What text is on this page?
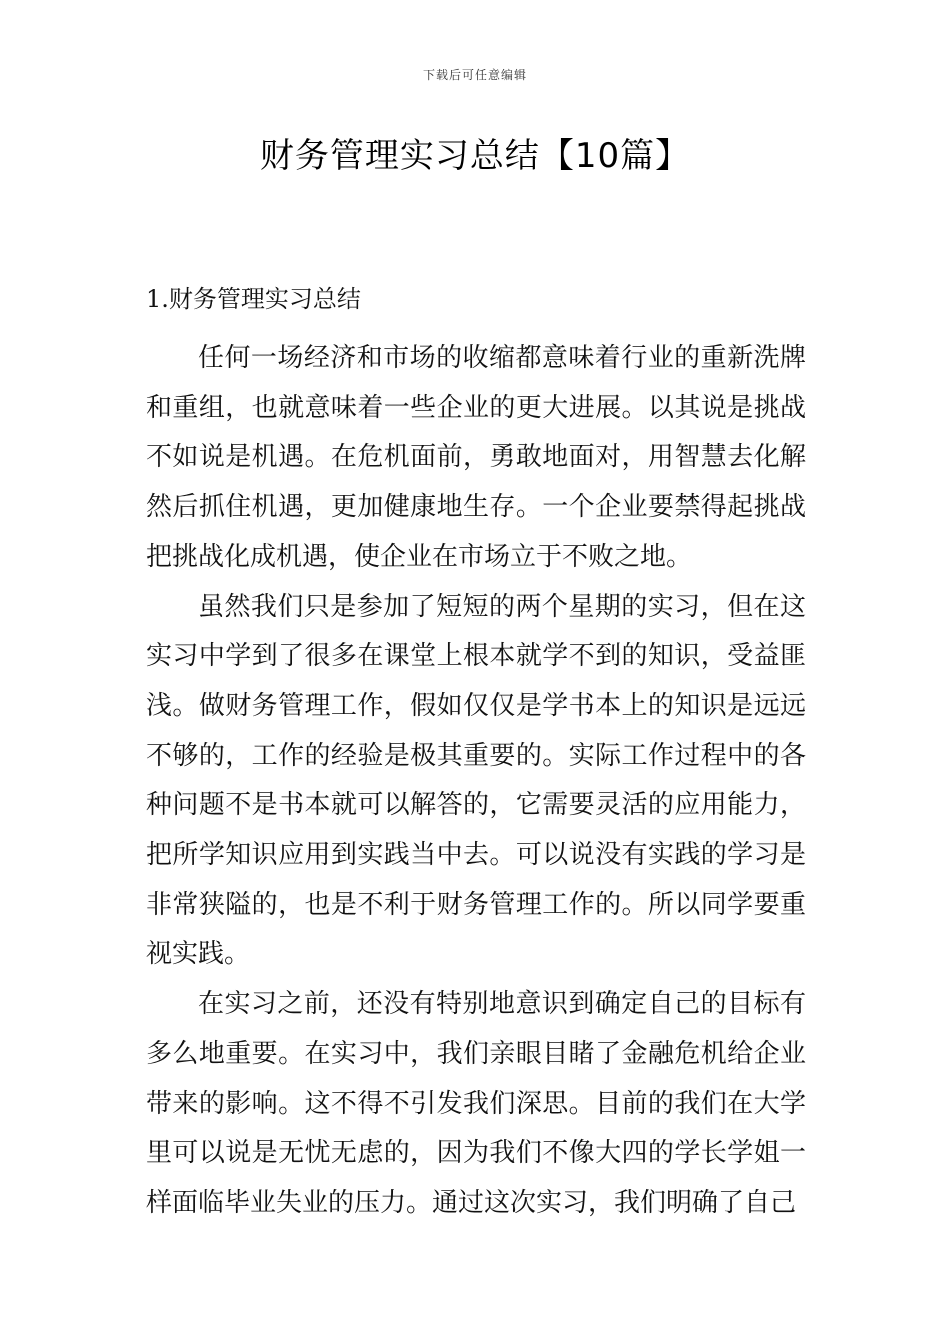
下载后可任意编辑
财务管理实习总结【10篇】
1.财务管理实习总结

任何一场经济和市场的收缩都意味着行业的重新洗牌和重组，也就意味着一些企业的更大进展。以其说是挑战不如说是机遇。在危机面前，勇敢地面对，用智慧去化解然后抓住机遇，更加健康地生存。一个企业要禁得起挑战把挑战化成机遇，使企业在市场立于不败之地。

虽然我们只是参加了短短的两个星期的实习，但在这实习中学到了很多在课堂上根本就学不到的知识，受益匪浅。做财务管理工作，假如仅仅是学书本上的知识是远远不够的，工作的经验是极其重要的。实际工作过程中的各种问题不是书本就可以解答的，它需要灵活的应用能力，把所学知识应用到实践当中去。可以说没有实践的学习是非常狭隘的，也是不利于财务管理工作的。所以同学要重视实践。

在实习之前，还没有特别地意识到确定自己的目标有多么地重要。在实习中，我们亲眼目睹了金融危机给企业带来的影响。这不得不引发我们深思。目前的我们在大学里可以说是无忧无虑的，因为我们不像大四的学长学姐一样面临毕业失业的压力。通过这次实习，我们明确了自己
